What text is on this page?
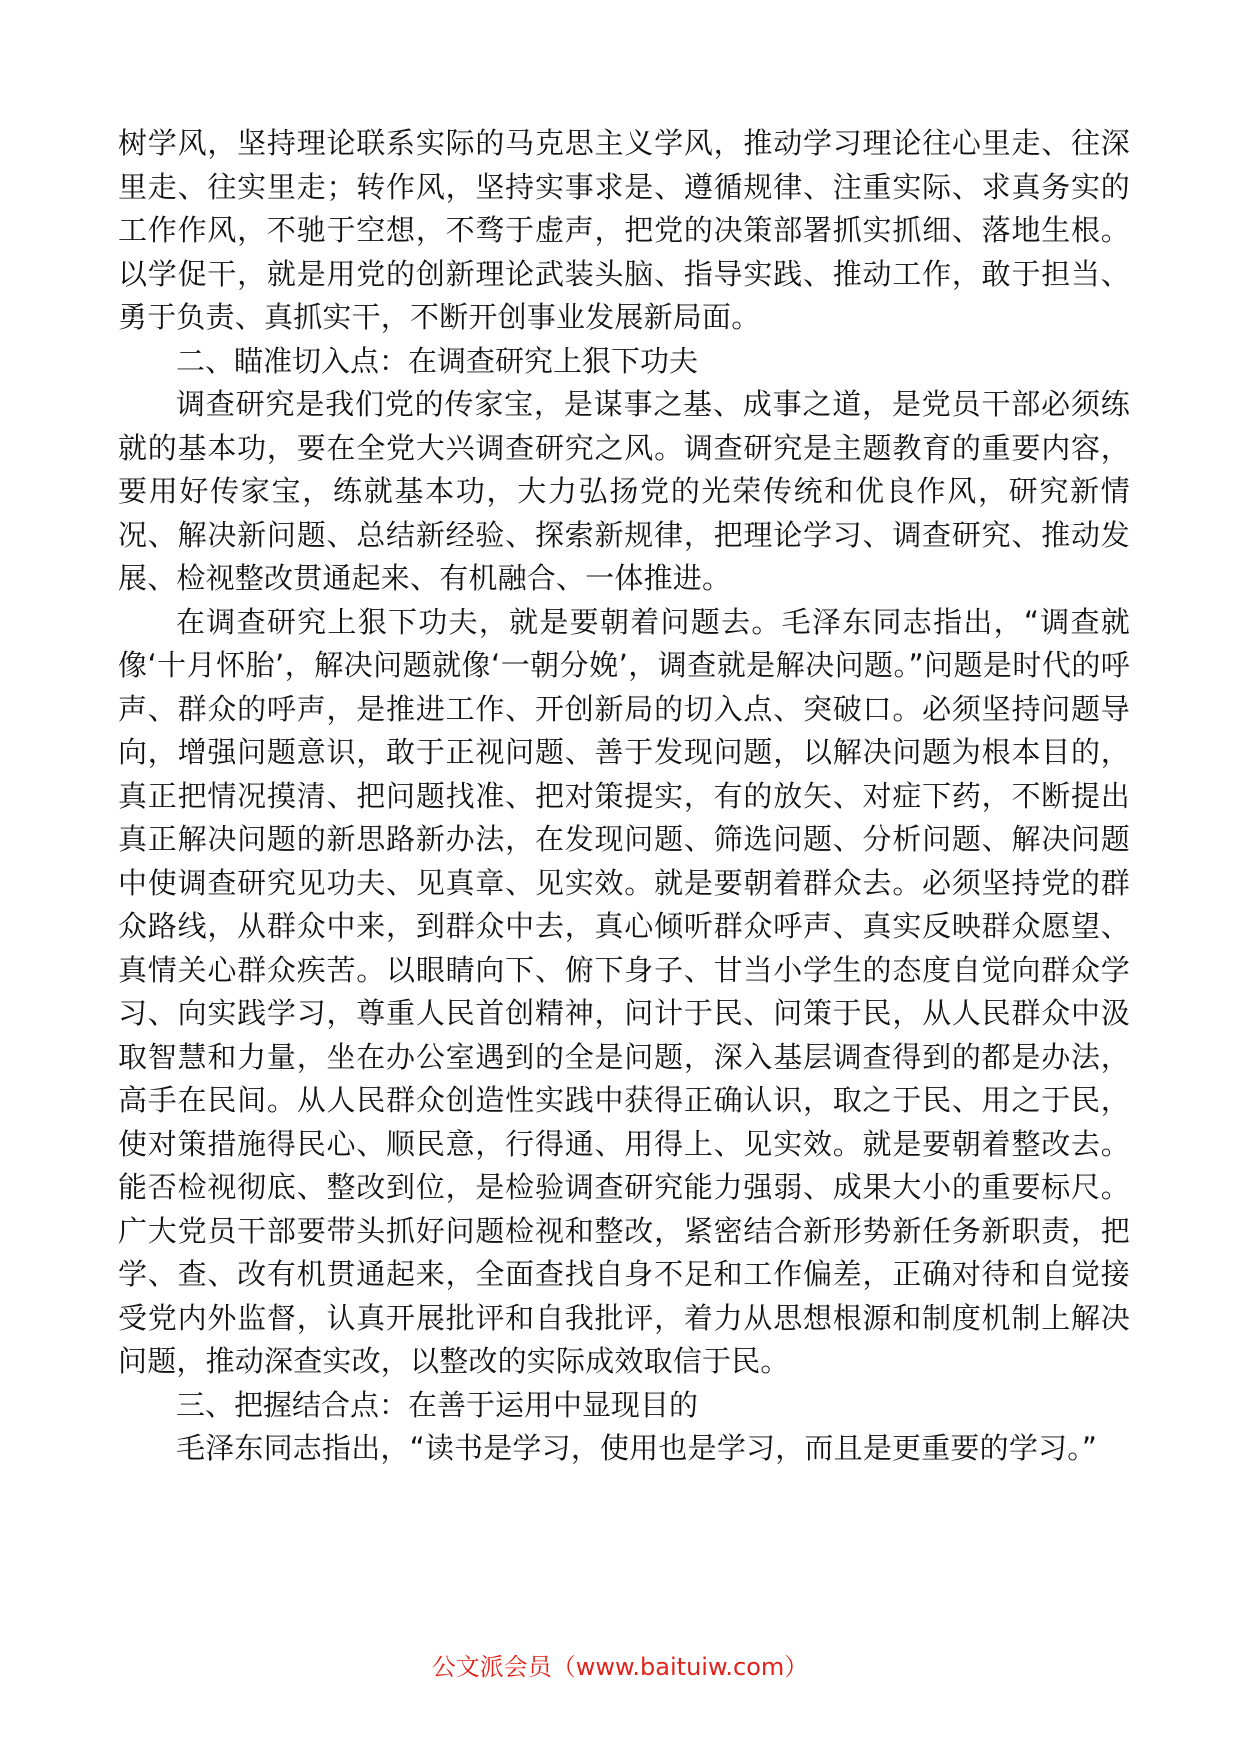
树学风，坚持理论联系实际的马克思主义学风，推动学习理论往心里走、往深里走、往实里走；转作风，坚持实事求是、遵循规律、注重实际、求真务实的工作作风，不驰于空想，不骛于虚声，把党的决策部署抓实抓细、落地生根。以学促干，就是用党的创新理论武装头脑、指导实践、推动工作，敢于担当、勇于负责、真抓实干，不断开创事业发展新局面。

二、瞄准切入点：在调查研究上狠下功夫

调查研究是我们党的传家宝，是谋事之基、成事之道，是党员干部必须练就的基本功，要在全党大兴调查研究之风。调查研究是主题教育的重要内容，要用好传家宝，练就基本功，大力弘扬党的光荣传统和优良作风，研究新情况、解决新问题、总结新经验、探索新规律，把理论学习、调查研究、推动发展、检视整改贯通起来、有机融合、一体推进。

在调查研究上狠下功夫，就是要朝着问题去。毛泽东同志指出，“调查就像‘十月怀胎’，解决问题就像‘一朝分娩’，调查就是解决问题。”问题是时代的呼声、群众的呼声，是推进工作、开创新局的切入点、突破口。必须坚持问题导向，增强问题意识，敢于正视问题、善于发现问题，以解决问题为根本目的，真正把情况摸清、把问题找准、把对策提实，有的放矢、对症下药，不断提出真正解决问题的新思路新办法，在发现问题、筛选问题、分析问题、解决问题中使调查研究见功夫、见真章、见实效。就是要朝着群众去。必须坚持党的群众路线，从群众中来，到群众中去，真心倾听群众呼声、真实反映群众愿望、真情关心群众疾苦。以眼睛向下、俯下身子、甘当小学生的态度自觉向群众学习、向实践学习，尊重人民首创精神，问计于民、问策于民，从人民群众中汲取智慧和力量，坐在办公室遇到的全是问题，深入基层调查得到的都是办法，高手在民间。从人民群众创造性实践中获得正确认识，取之于民、用之于民，使对策措施得民心、顺民意，行得通、用得上、见实效。就是要朝着整改去。能否检视彻底、整改到位，是检验调查研究能力强弱、成果大小的重要标尺。广大党员干部要带头抓好问题检视和整改，紧密结合新形势新任务新职责，把学、查、改有机贯通起来，全面查找自身不足和工作偏差，正确对待和自觉接受党内外监督，认真开展批评和自我批评，着力从思想根源和制度机制上解决问题，推动深查实改，以整改的实际成效取信于民。

三、把握结合点：在善于运用中显现目的

毛泽东同志指出，“读书是学习，使用也是学习，而且是更重要的学习。”

公文派会员（www.baituiw.com）
